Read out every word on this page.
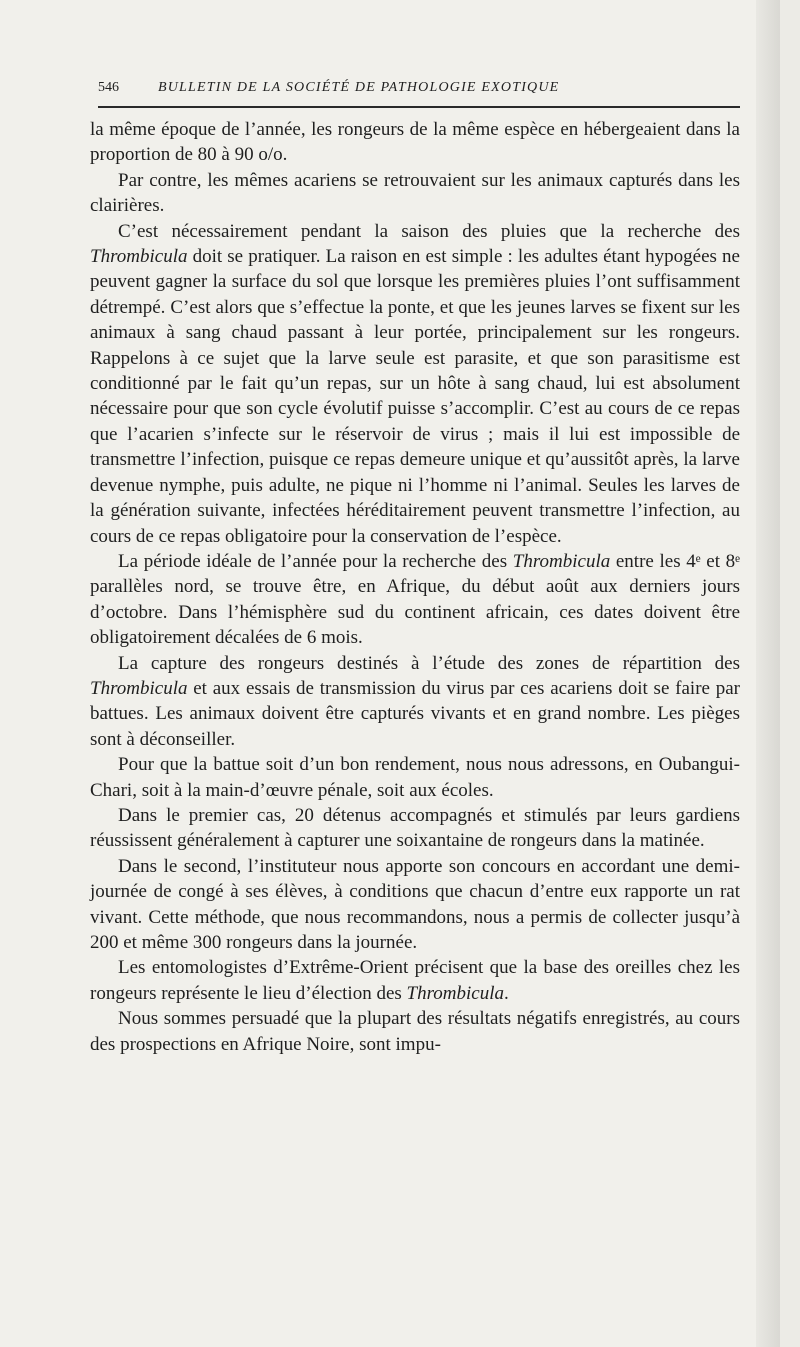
546	BULLETIN DE LA SOCIÉTÉ DE PATHOLOGIE EXOTIQUE

la même époque de l’année, les rongeurs de la même espèce en hébergeaient dans la proportion de 80 à 90 o/o.

Par contre, les mêmes acariens se retrouvaient sur les animaux capturés dans les clairières.

C’est nécessairement pendant la saison des pluies que la recherche des Thrombicula doit se pratiquer. La raison en est simple : les adultes étant hypogées ne peuvent gagner la surface du sol que lorsque les premières pluies l’ont suffisamment détrempé. C’est alors que s’effectue la ponte, et que les jeunes larves se fixent sur les animaux à sang chaud passant à leur portée, principalement sur les rongeurs. Rappelons à ce sujet que la larve seule est parasite, et que son parasitisme est conditionné par le fait qu’un repas, sur un hôte à sang chaud, lui est absolument nécessaire pour que son cycle évolutif puisse s’accomplir. C’est au cours de ce repas que l’acarien s’infecte sur le réservoir de virus ; mais il lui est impossible de transmettre l’infection, puisque ce repas demeure unique et qu’aussitôt après, la larve devenue nymphe, puis adulte, ne pique ni l’homme ni l’animal. Seules les larves de la génération suivante, infectées héréditairement peuvent transmettre l’infection, au cours de ce repas obligatoire pour la conservation de l’espèce.

La période idéale de l’année pour la recherche des Thrombicula entre les 4ᵉ et 8ᵉ parallèles nord, se trouve être, en Afrique, du début août aux derniers jours d’octobre. Dans l’hémisphère sud du continent africain, ces dates doivent être obligatoirement décalées de 6 mois.

La capture des rongeurs destinés à l’étude des zones de répartition des Thrombicula et aux essais de transmission du virus par ces acariens doit se faire par battues. Les animaux doivent être capturés vivants et en grand nombre. Les pièges sont à déconseiller.

Pour que la battue soit d’un bon rendement, nous nous adressons, en Oubangui-Chari, soit à la main-d’œuvre pénale, soit aux écoles.

Dans le premier cas, 20 détenus accompagnés et stimulés par leurs gardiens réussissent généralement à capturer une soixantaine de rongeurs dans la matinée.

Dans le second, l’instituteur nous apporte son concours en accordant une demi-journée de congé à ses élèves, à conditions que chacun d’entre eux rapporte un rat vivant. Cette méthode, que nous recommandons, nous a permis de collecter jusqu’à 200 et même 300 rongeurs dans la journée.

Les entomologistes d’Extrême-Orient précisent que la base des oreilles chez les rongeurs représente le lieu d’élection des Thrombicula.

Nous sommes persuadé que la plupart des résultats négatifs enregistrés, au cours des prospections en Afrique Noire, sont impu-
